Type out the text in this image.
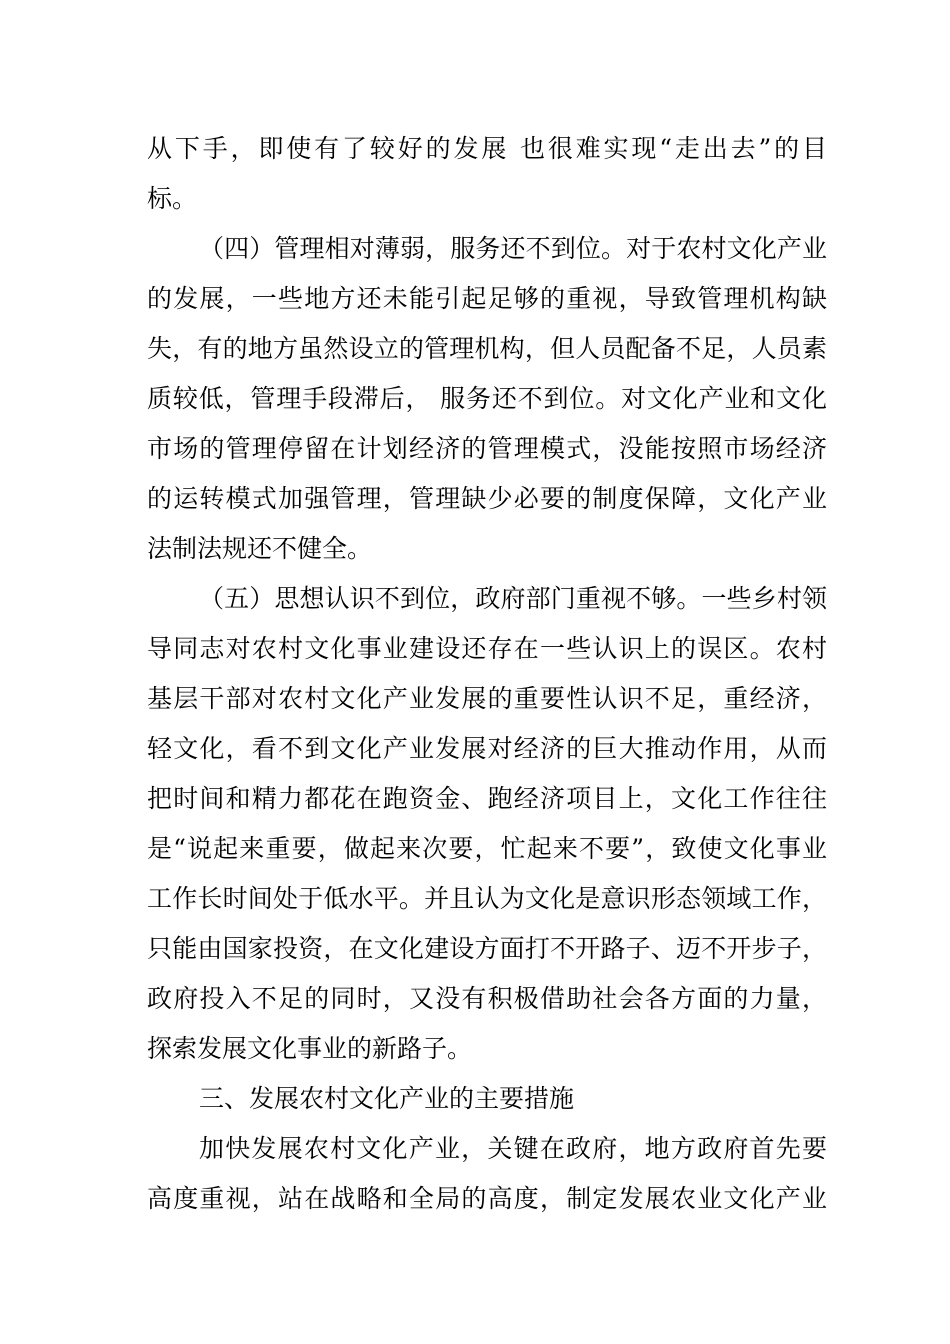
从下手，即使有了较好的发展 也很难实现“走出去”的目
标。
（四）管理相对薄弱，服务还不到位。对于农村文化产业
的发展，一些地方还未能引起足够的重视，导致管理机构缺
失，有的地方虽然设立的管理机构，但人员配备不足，人员素
质较低，管理手段滞后， 服务还不到位。对文化产业和文化
市场的管理停留在计划经济的管理模式，没能按照市场经济
的运转模式加强管理，管理缺少必要的制度保障，文化产业
法制法规还不健全。
（五）思想认识不到位，政府部门重视不够。一些乡村领
导同志对农村文化事业建设还存在一些认识上的误区。农村
基层干部对农村文化产业发展的重要性认识不足，重经济，
轻文化，看不到文化产业发展对经济的巨大推动作用，从而
把时间和精力都花在跑资金、跑经济项目上，文化工作往往
是“说起来重要，做起来次要，忙起来不要”，致使文化事业
工作长时间处于低水平。并且认为文化是意识形态领域工作，
只能由国家投资，在文化建设方面打不开路子、迈不开步子，
政府投入不足的同时，又没有积极借助社会各方面的力量，
探索发展文化事业的新路子。
三、发展农村文化产业的主要措施
加快发展农村文化产业，关键在政府，地方政府首先要
高度重视，站在战略和全局的高度，制定发展农业文化产业
